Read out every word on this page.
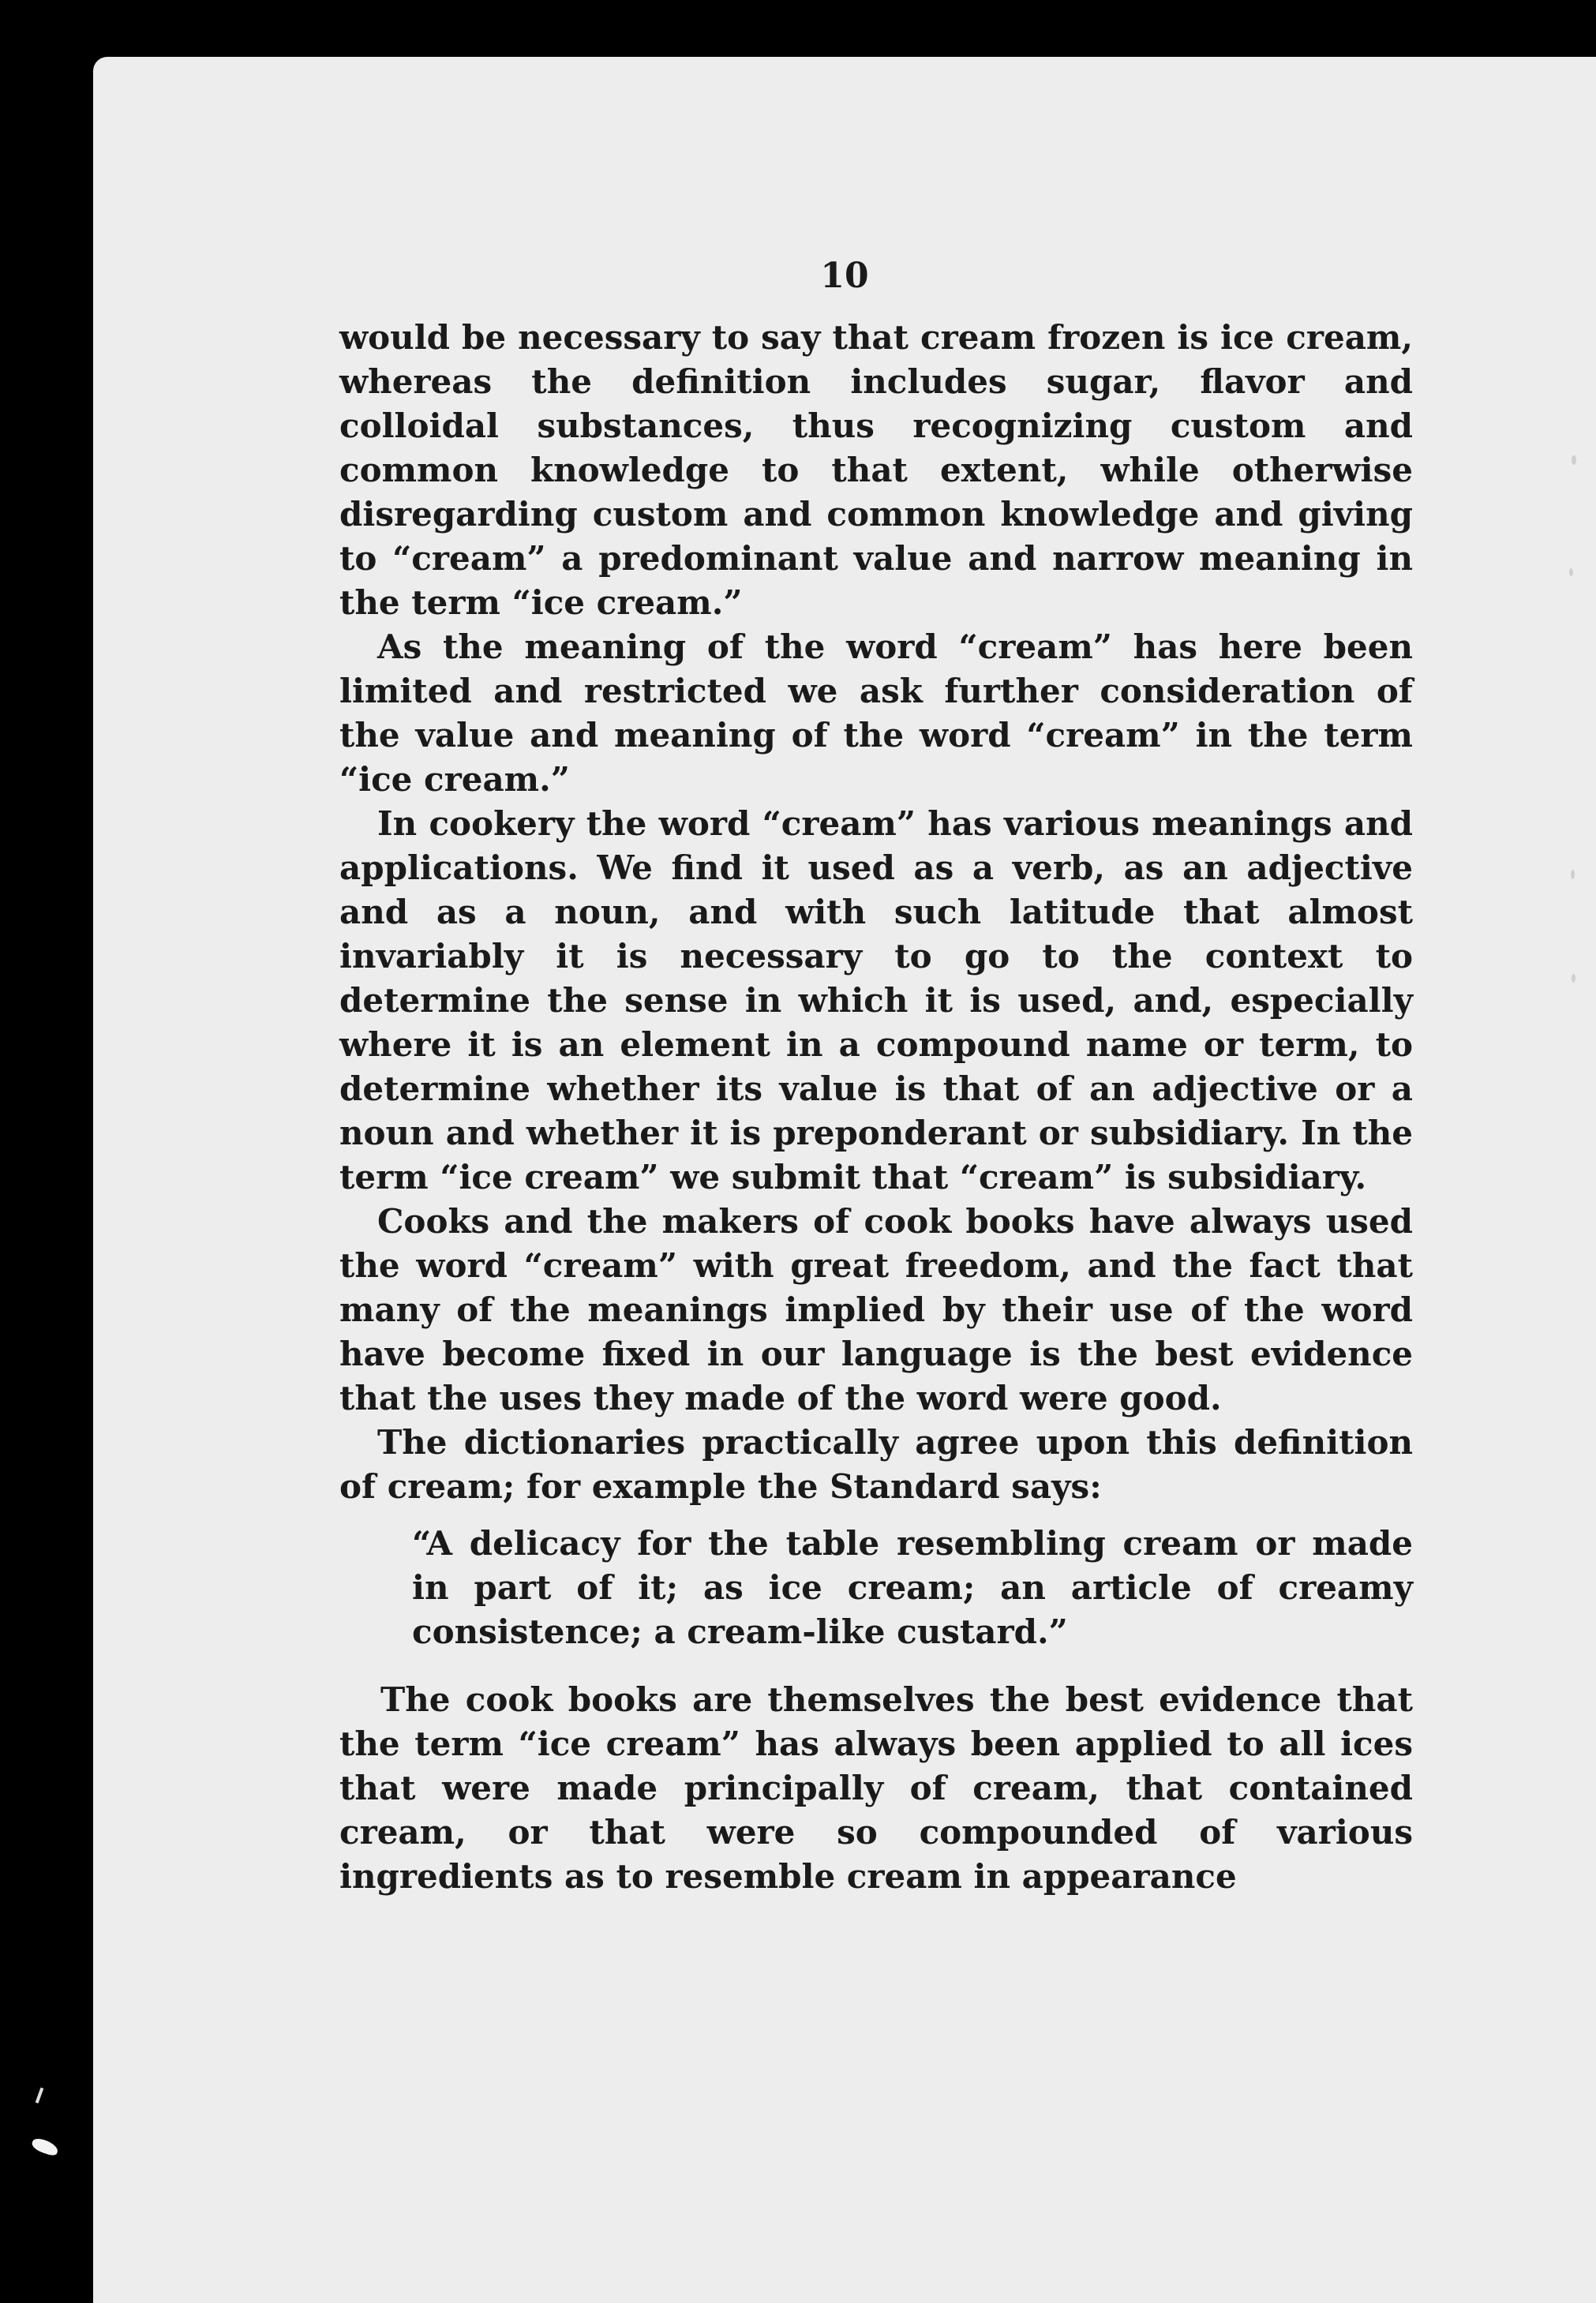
10

would be necessary to say that cream frozen is ice cream, whereas the definition includes sugar, flavor and colloidal substances, thus recognizing custom and common knowledge to that extent, while otherwise disregarding custom and common knowledge and giving to “cream” a predominant value and narrow meaning in the term “ice cream.”

As the meaning of the word “cream” has here been limited and restricted we ask further consideration of the value and meaning of the word “cream” in the term “ice cream.”

In cookery the word “cream” has various meanings and applications. We find it used as a verb, as an adjective and as a noun, and with such latitude that almost invariably it is necessary to go to the context to determine the sense in which it is used, and, especially where it is an element in a compound name or term, to determine whether its value is that of an adjective or a noun and whether it is preponderant or subsidiary. In the term “ice cream” we submit that “cream” is subsidiary.

Cooks and the makers of cook books have always used the word “cream” with great freedom, and the fact that many of the meanings implied by their use of the word have become fixed in our language is the best evidence that the uses they made of the word were good.

The dictionaries practically agree upon this definition of cream; for example the Standard says:

“A delicacy for the table resembling cream or made in part of it; as ice cream; an article of creamy consistence; a cream-like custard.”

The cook books are themselves the best evidence that the term “ice cream” has always been applied to all ices that were made principally of cream, that contained cream, or that were so compounded of various ingredients as to resemble cream in appearance
